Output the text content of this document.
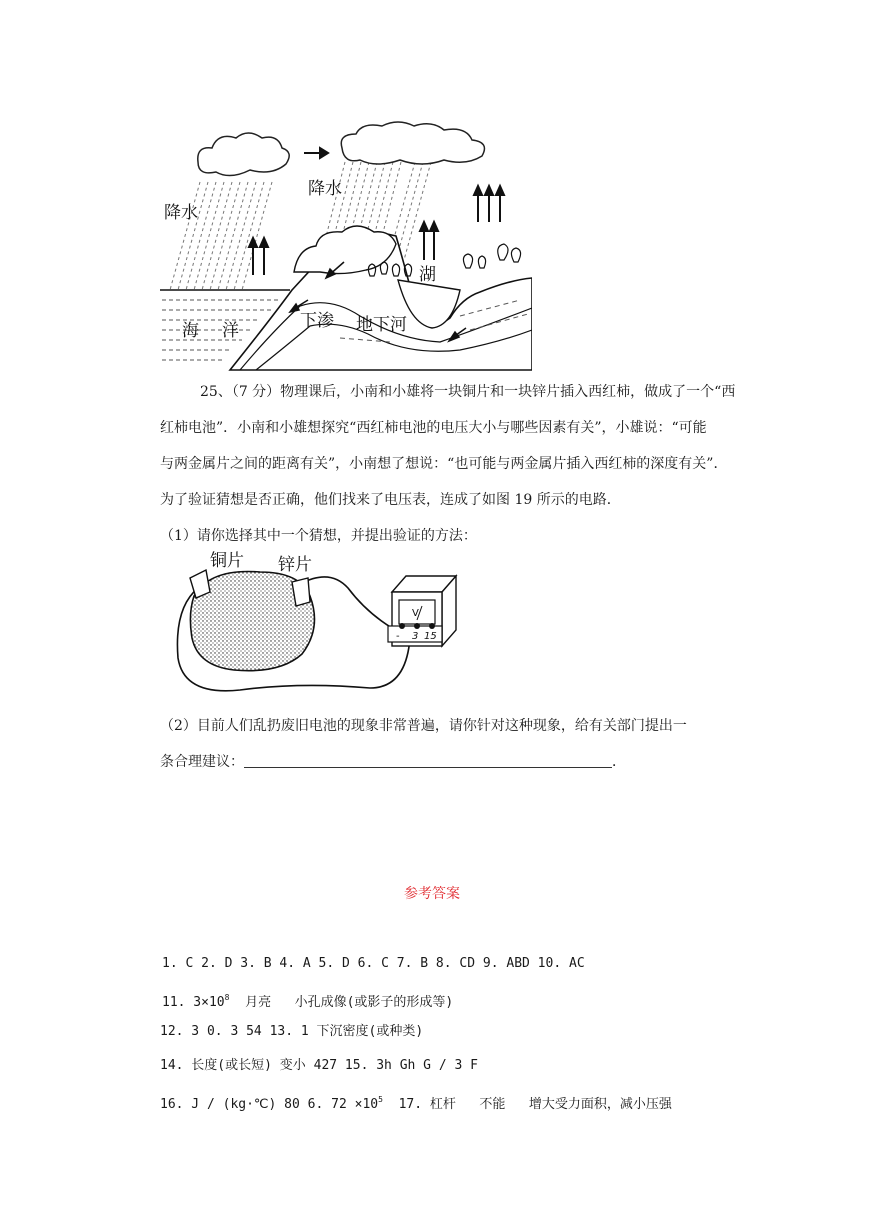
降水
降水
湖
海 洋	下渗 地下河
25、（7 分）物理课后，小南和小雄将一块铜片和一块锌片插入西红柿，做成了一个“西
红柿电池”．小南和小雄想探究“西红柿电池的电压大小与哪些因素有关”，小雄说：“可能
与两金属片之间的距离有关”，小南想了想说：“也可能与两金属片插入西红柿的深度有关”．
为了验证猜想是否正确，他们找来了电压表，连成了如图 19 所示的电路．
（1）请你选择其中一个猜想，并提出验证的方法：
V
- 3 15
铜片 锌片
（2）目前人们乱扔废旧电池的现象非常普遍，请你针对这种现象，给有关部门提出一
条合理建议：	．
参考答案
1. C 2. D 3. B 4. A 5. D 6. C 7. B 8. CD 9. ABD 10. AC
11. $3\times 10^8$  月亮   小孔成像(或影子的形成等)
12. 3 0. 3 54 13. 1 下沉密度(或种类)
14. 长度(或长短) 变小 427 15. 3h Gh G / 3 F
16. J / (kg·℃) 80 6. $72 \times 10^5$  17. 杠杆   不能   增大受力面积，减小压强
